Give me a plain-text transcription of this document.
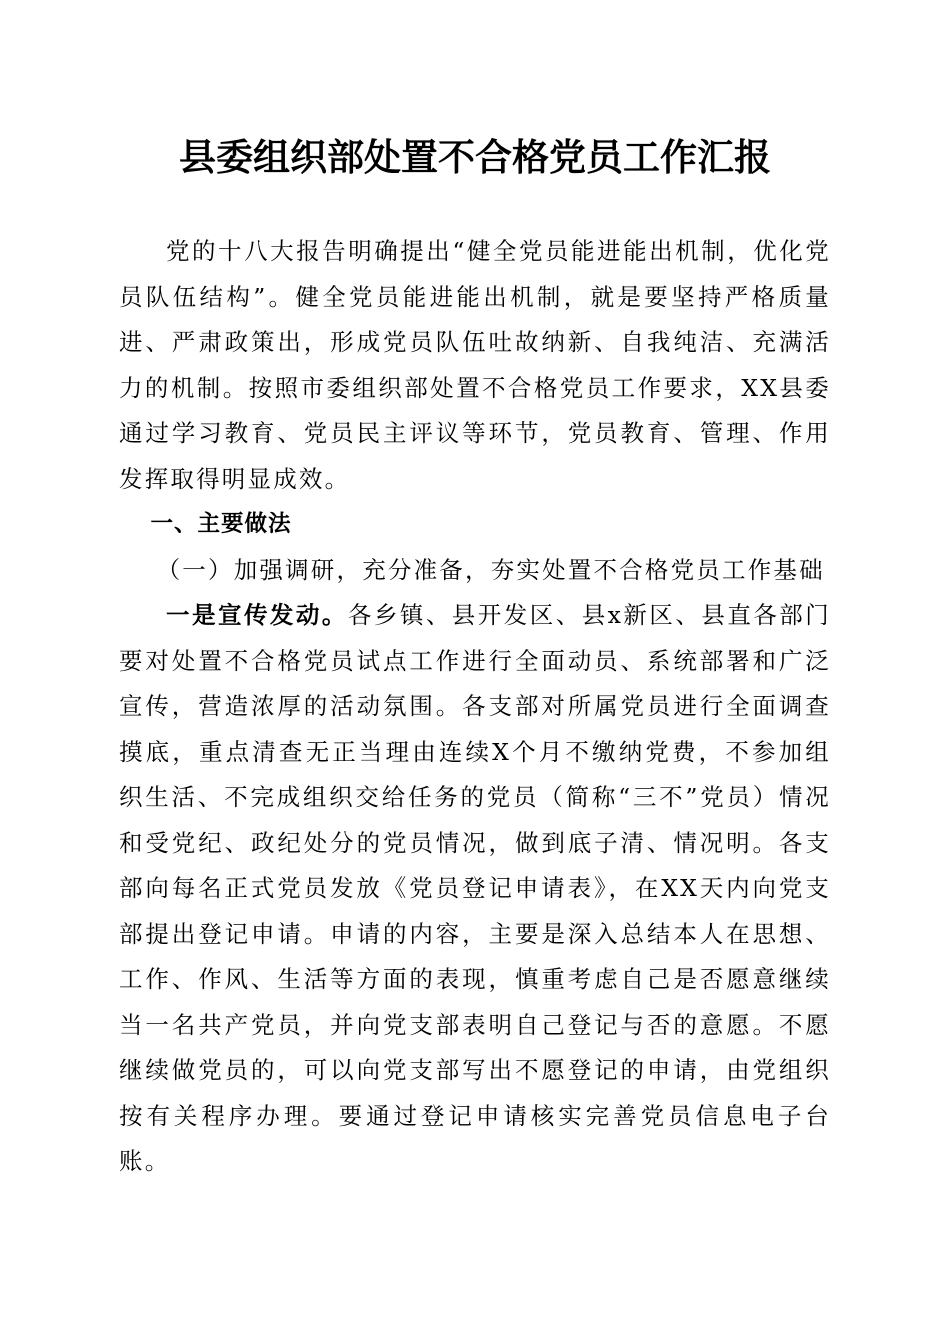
县委组织部处置不合格党员工作汇报

党的十八大报告明确提出“健全党员能进能出机制，优化党员队伍结构”。健全党员能进能出机制，就是要坚持严格质量进、严肃政策出，形成党员队伍吐故纳新、自我纯洁、充满活力的机制。按照市委组织部处置不合格党员工作要求，XX县委通过学习教育、党员民主评议等环节，党员教育、管理、作用发挥取得明显成效。

一、主要做法

（一）加强调研，充分准备，夯实处置不合格党员工作基础

一是宣传发动。各乡镇、县开发区、县x新区、县直各部门要对处置不合格党员试点工作进行全面动员、系统部署和广泛宣传，营造浓厚的活动氛围。各支部对所属党员进行全面调查摸底，重点清查无正当理由连续X个月不缴纳党费，不参加组织生活、不完成组织交给任务的党员（简称“三不”党员）情况和受党纪、政纪处分的党员情况，做到底子清、情况明。各支部向每名正式党员发放《党员登记申请表》，在XX天内向党支部提出登记申请。申请的内容，主要是深入总结本人在思想、工作、作风、生活等方面的表现，慎重考虑自己是否愿意继续当一名共产党员，并向党支部表明自己登记与否的意愿。不愿继续做党员的，可以向党支部写出不愿登记的申请，由党组织按有关程序办理。要通过登记申请核实完善党员信息电子台账。
